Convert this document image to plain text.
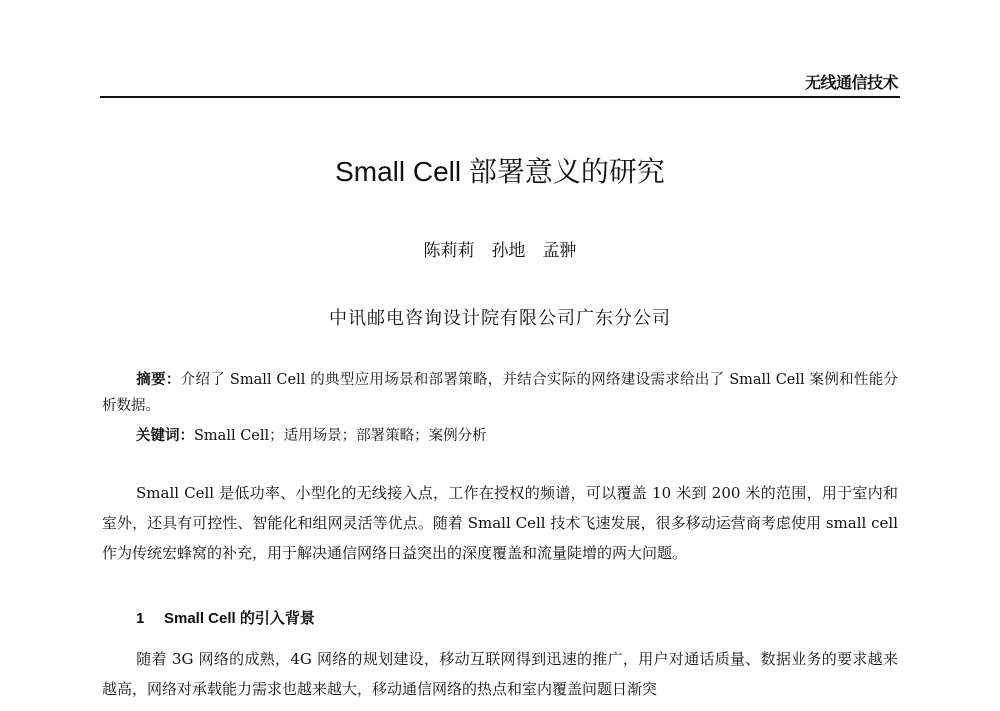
无线通信技术
Small Cell 部署意义的研究
陈莉莉　孙地　孟翀
中讯邮电咨询设计院有限公司广东分公司
摘要：介绍了 Small Cell 的典型应用场景和部署策略，并结合实际的网络建设需求给出了 Small Cell 案例和性能分析数据。
关键词：Small Cell；适用场景；部署策略；案例分析
Small Cell 是低功率、小型化的无线接入点，工作在授权的频谱，可以覆盖 10 米到 200 米的范围，用于室内和室外，还具有可控性、智能化和组网灵活等优点。随着 Small Cell 技术飞速发展，很多移动运营商考虑使用 small cell 作为传统宏蜂窝的补充，用于解决通信网络日益突出的深度覆盖和流量陡增的两大问题。
1 Small Cell 的引入背景
随着 3G 网络的成熟，4G 网络的规划建设，移动互联网得到迅速的推广，用户对通话质量、数据业务的要求越来越高，网络对承载能力需求也越来越大，移动通信网络的热点和室内覆盖问题日渐突
